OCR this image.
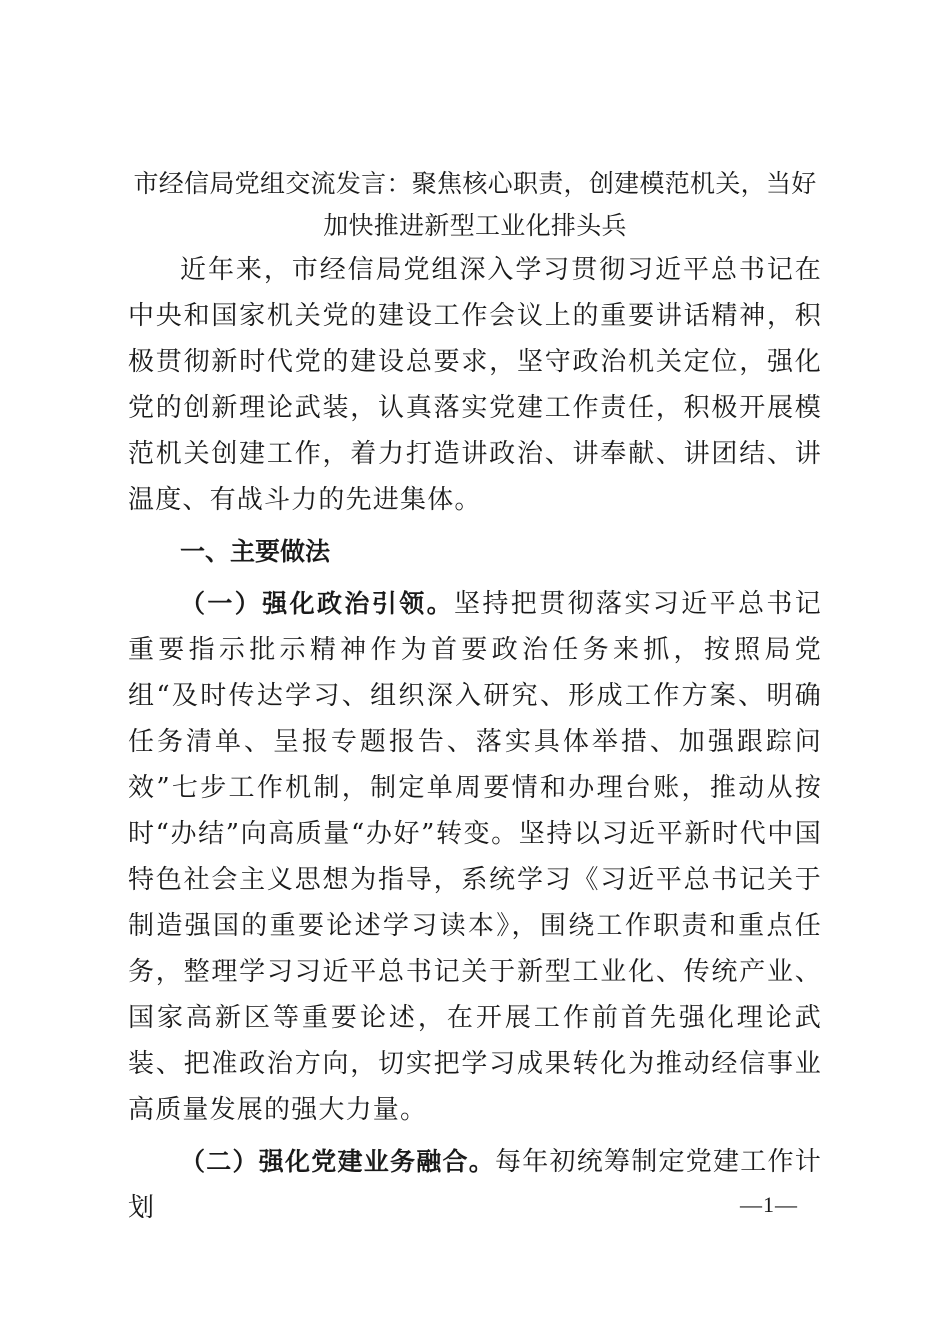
市经信局党组交流发言：聚焦核心职责，创建模范机关，当好
加快推进新型工业化排头兵

近年来，市经信局党组深入学习贯彻习近平总书记在中央和国家机关党的建设工作会议上的重要讲话精神，积极贯彻新时代党的建设总要求，坚守政治机关定位，强化党的创新理论武装，认真落实党建工作责任，积极开展模范机关创建工作，着力打造讲政治、讲奉献、讲团结、讲温度、有战斗力的先进集体。

一、主要做法

（一）强化政治引领。坚持把贯彻落实习近平总书记重要指示批示精神作为首要政治任务来抓，按照局党组“及时传达学习、组织深入研究、形成工作方案、明确任务清单、呈报专题报告、落实具体举措、加强跟踪问效”七步工作机制，制定单周要情和办理台账，推动从按时“办结”向高质量“办好”转变。坚持以习近平新时代中国特色社会主义思想为指导，系统学习《习近平总书记关于制造强国的重要论述学习读本》，围绕工作职责和重点任务，整理学习习近平总书记关于新型工业化、传统产业、国家高新区等重要论述，在开展工作前首先强化理论武装、把准政治方向，切实把学习成果转化为推动经信事业高质量发展的强大力量。

（二）强化党建业务融合。每年初统筹制定党建工作计划	—1—
